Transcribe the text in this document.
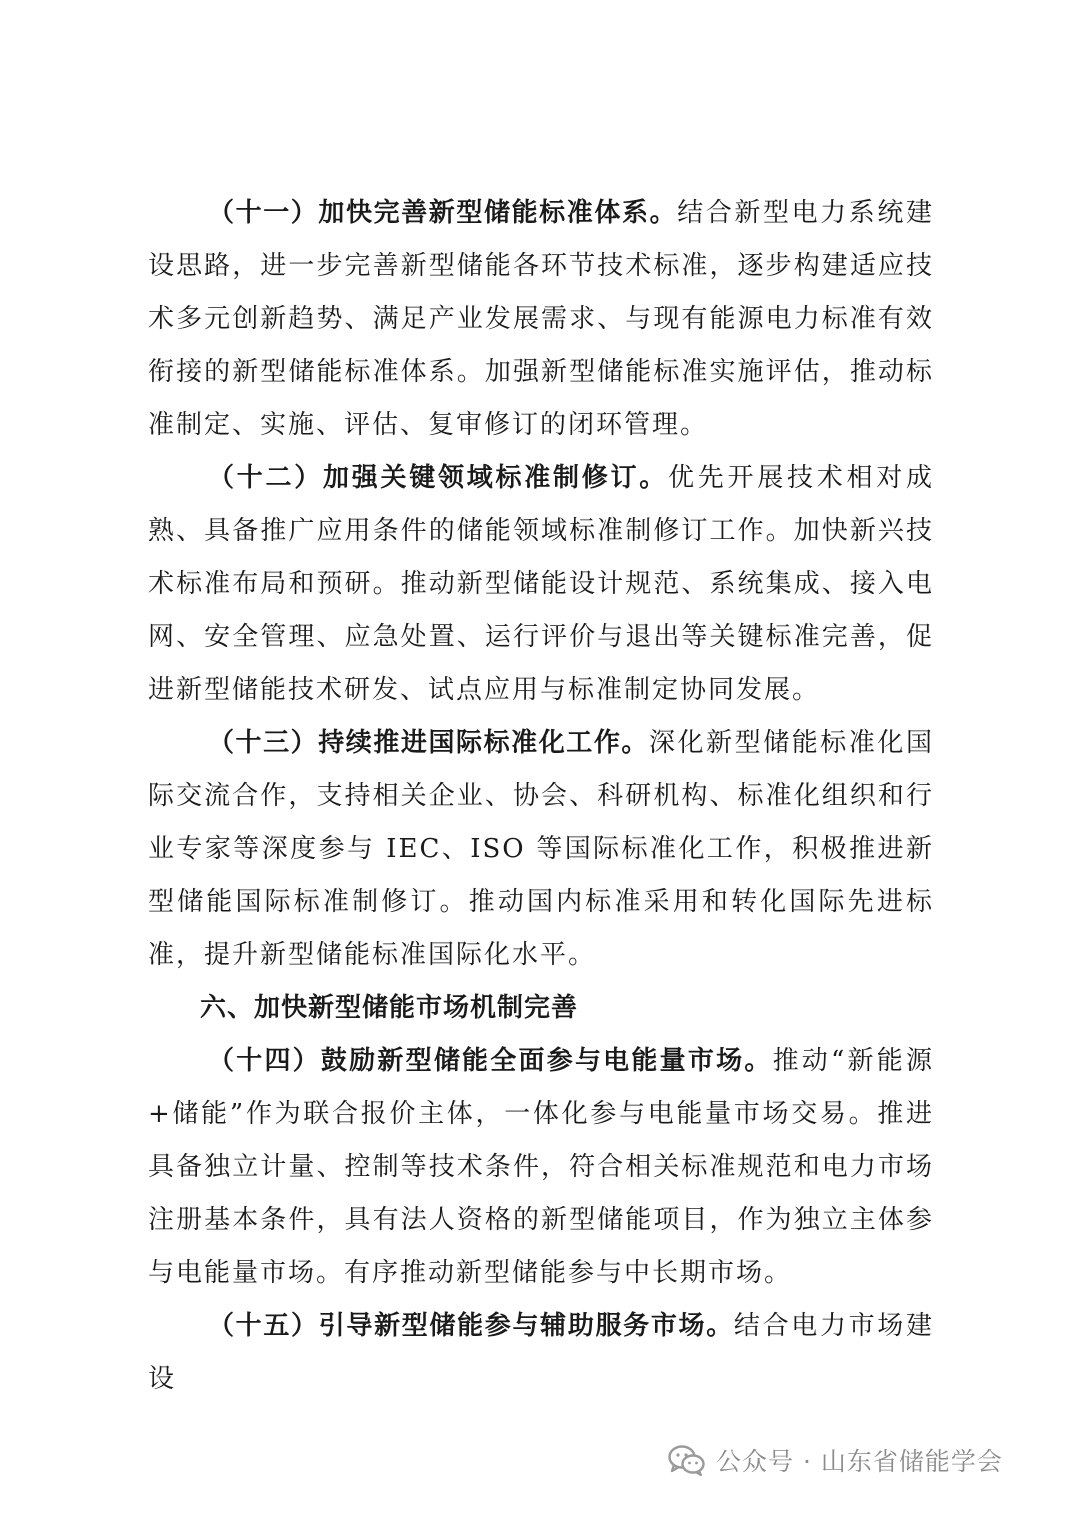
（十一）加快完善新型储能标准体系。结合新型电力系统建设思路，进一步完善新型储能各环节技术标准，逐步构建适应技术多元创新趋势、满足产业发展需求、与现有能源电力标准有效衔接的新型储能标准体系。加强新型储能标准实施评估，推动标准制定、实施、评估、复审修订的闭环管理。

（十二）加强关键领域标准制修订。优先开展技术相对成熟、具备推广应用条件的储能领域标准制修订工作。加快新兴技术标准布局和预研。推动新型储能设计规范、系统集成、接入电网、安全管理、应急处置、运行评价与退出等关键标准完善，促进新型储能技术研发、试点应用与标准制定协同发展。

（十三）持续推进国际标准化工作。深化新型储能标准化国际交流合作，支持相关企业、协会、科研机构、标准化组织和行业专家等深度参与 IEC、ISO 等国际标准化工作，积极推进新型储能国际标准制修订。推动国内标准采用和转化国际先进标准，提升新型储能标准国际化水平。

六、加快新型储能市场机制完善

（十四）鼓励新型储能全面参与电能量市场。推动“新能源+储能”作为联合报价主体，一体化参与电能量市场交易。推进具备独立计量、控制等技术条件，符合相关标准规范和电力市场注册基本条件，具有法人资格的新型储能项目，作为独立主体参与电能量市场。有序推动新型储能参与中长期市场。

（十五）引导新型储能参与辅助服务市场。结合电力市场建设

公众号 · 山东省储能学会
